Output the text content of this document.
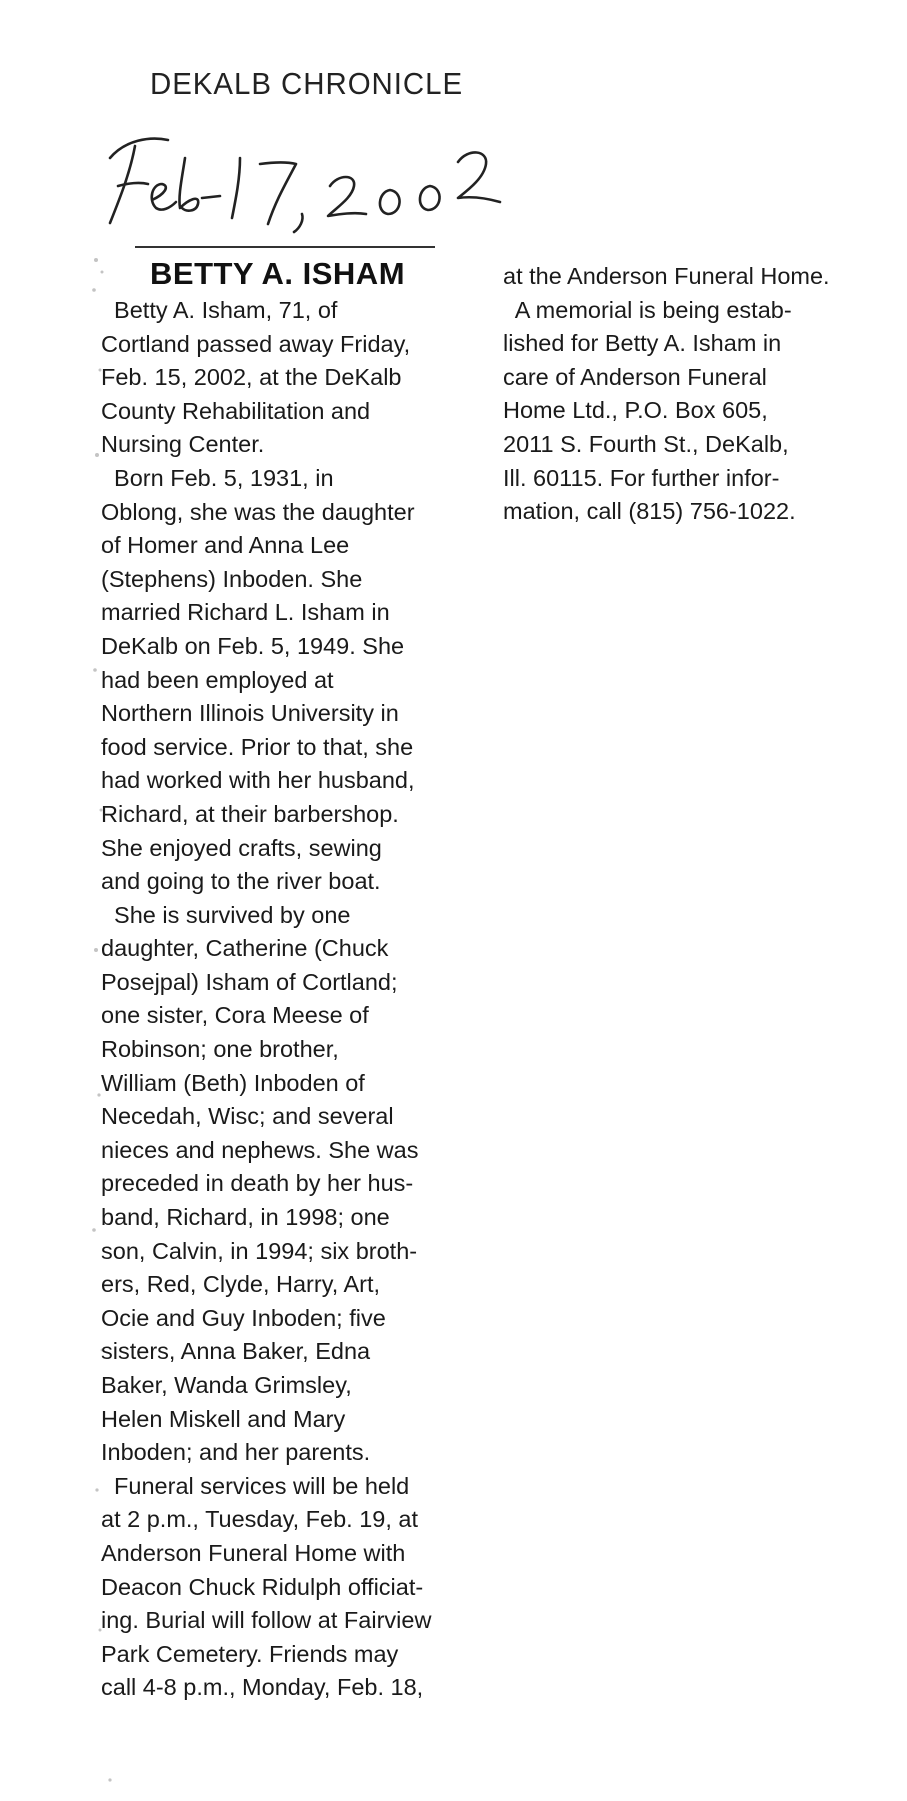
DEKALB CHRONICLE
BETTY A. ISHAM

Betty A. Isham, 71, of

Cortland passed away Friday,

Feb. 15, 2002, at the DeKalb

County Rehabilitation and

Nursing Center.

Born Feb. 5, 1931, in

Oblong, she was the daughter

of Homer and Anna Lee

(Stephens) Inboden. She

married Richard L. Isham in

DeKalb on Feb. 5, 1949. She

had been employed at

Northern Illinois University in

food service. Prior to that, she

had worked with her husband,

Richard, at their barbershop.

She enjoyed crafts, sewing

and going to the river boat.

She is survived by one

daughter, Catherine (Chuck

Posejpal) Isham of Cortland;

one sister, Cora Meese of

Robinson; one brother,

William (Beth) Inboden of

Necedah, Wisc; and several

nieces and nephews. She was

preceded in death by her hus-

band, Richard, in 1998; one

son, Calvin, in 1994; six broth-

ers, Red, Clyde, Harry, Art,

Ocie and Guy Inboden; five

sisters, Anna Baker, Edna

Baker, Wanda Grimsley,

Helen Miskell and Mary

Inboden; and her parents.

Funeral services will be held

at 2 p.m., Tuesday, Feb. 19, at

Anderson Funeral Home with

Deacon Chuck Ridulph officiat-

ing. Burial will follow at Fairview

Park Cemetery. Friends may

call 4-8 p.m., Monday, Feb. 18,

at the Anderson Funeral Home.

A memorial is being estab-

lished for Betty A. Isham in

care of Anderson Funeral

Home Ltd., P.O. Box 605,

2011 S. Fourth St., DeKalb,

Ill. 60115. For further infor-

mation, call (815) 756-1022.
